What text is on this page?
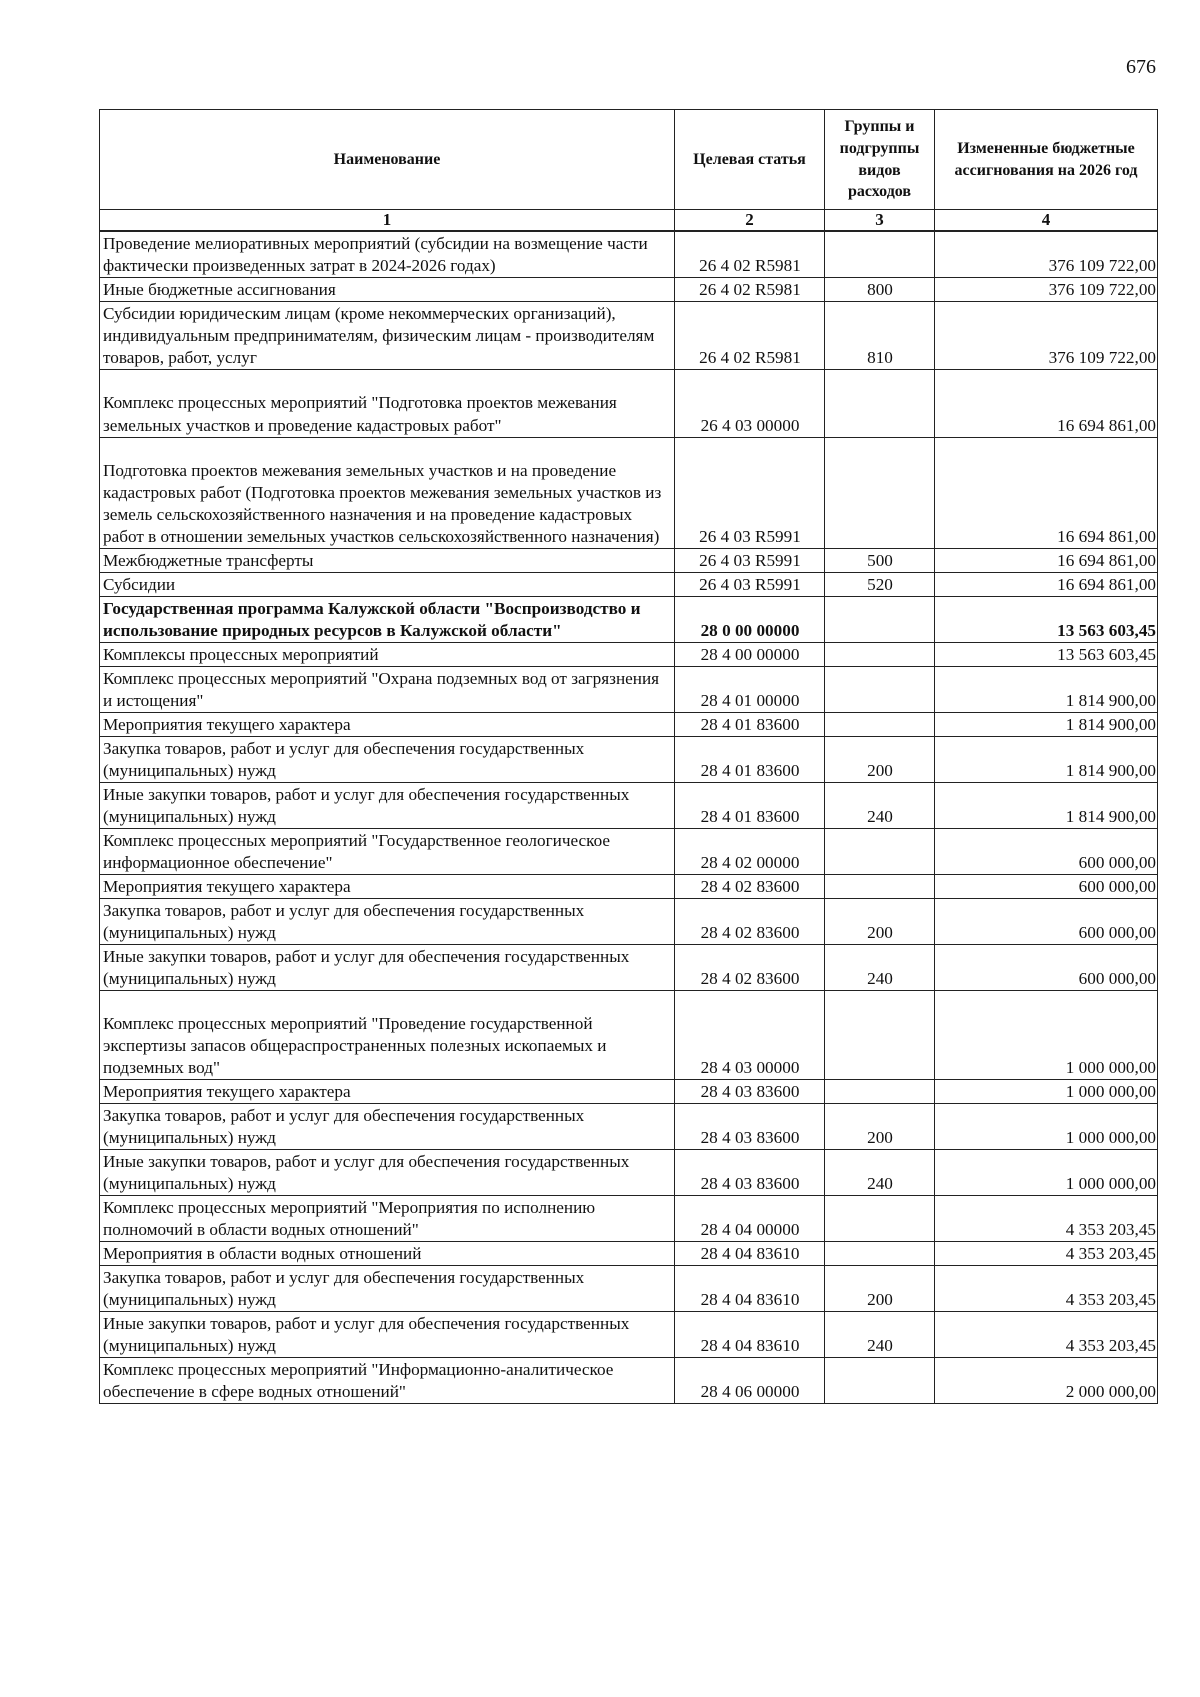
676
Наименование	Целевая статья	Группы и подгруппы видов расходов	Измененные бюджетные ассигнования на 2026 год
1	2	3	4
Проведение мелиоративных мероприятий (субсидии на возмещение части фактически произведенных затрат в 2024-2026 годах)	26 4 02 R5981		376 109 722,00
Иные бюджетные ассигнования	26 4 02 R5981	800	376 109 722,00
Субсидии юридическим лицам (кроме некоммерческих организаций), индивидуальным предпринимателям, физическим лицам - производителям товаров, работ, услуг	26 4 02 R5981	810	376 109 722,00
Комплекс процессных мероприятий "Подготовка проектов межевания земельных участков и проведение кадастровых работ"	26 4 03 00000		16 694 861,00
Подготовка проектов межевания земельных участков и на проведение кадастровых работ (Подготовка проектов межевания земельных участков из земель сельскохозяйственного назначения и на проведение кадастровых работ в отношении земельных участков сельскохозяйственного назначения)	26 4 03 R5991		16 694 861,00
Межбюджетные трансферты	26 4 03 R5991	500	16 694 861,00
Субсидии	26 4 03 R5991	520	16 694 861,00
Государственная программа Калужской области "Воспроизводство и использование природных ресурсов в Калужской области"	28 0 00 00000		13 563 603,45
Комплексы процессных мероприятий	28 4 00 00000		13 563 603,45
Комплекс процессных мероприятий "Охрана подземных вод от загрязнения и истощения"	28 4 01 00000		1 814 900,00
Мероприятия текущего характера	28 4 01 83600		1 814 900,00
Закупка товаров, работ и услуг для обеспечения государственных (муниципальных) нужд	28 4 01 83600	200	1 814 900,00
Иные закупки товаров, работ и услуг для обеспечения государственных (муниципальных) нужд	28 4 01 83600	240	1 814 900,00
Комплекс процессных мероприятий "Государственное геологическое информационное обеспечение"	28 4 02 00000		600 000,00
Мероприятия текущего характера	28 4 02 83600		600 000,00
Закупка товаров, работ и услуг для обеспечения государственных (муниципальных) нужд	28 4 02 83600	200	600 000,00
Иные закупки товаров, работ и услуг для обеспечения государственных (муниципальных) нужд	28 4 02 83600	240	600 000,00
Комплекс процессных мероприятий "Проведение государственной экспертизы запасов общераспространенных полезных ископаемых и подземных вод"	28 4 03 00000		1 000 000,00
Мероприятия текущего характера	28 4 03 83600		1 000 000,00
Закупка товаров, работ и услуг для обеспечения государственных (муниципальных) нужд	28 4 03 83600	200	1 000 000,00
Иные закупки товаров, работ и услуг для обеспечения государственных (муниципальных) нужд	28 4 03 83600	240	1 000 000,00
Комплекс процессных мероприятий "Мероприятия по исполнению полномочий в области водных отношений"	28 4 04 00000		4 353 203,45
Мероприятия в области водных отношений	28 4 04 83610		4 353 203,45
Закупка товаров, работ и услуг для обеспечения государственных (муниципальных) нужд	28 4 04 83610	200	4 353 203,45
Иные закупки товаров, работ и услуг для обеспечения государственных (муниципальных) нужд	28 4 04 83610	240	4 353 203,45
Комплекс процессных мероприятий "Информационно-аналитическое обеспечение в сфере водных отношений"	28 4 06 00000		2 000 000,00
